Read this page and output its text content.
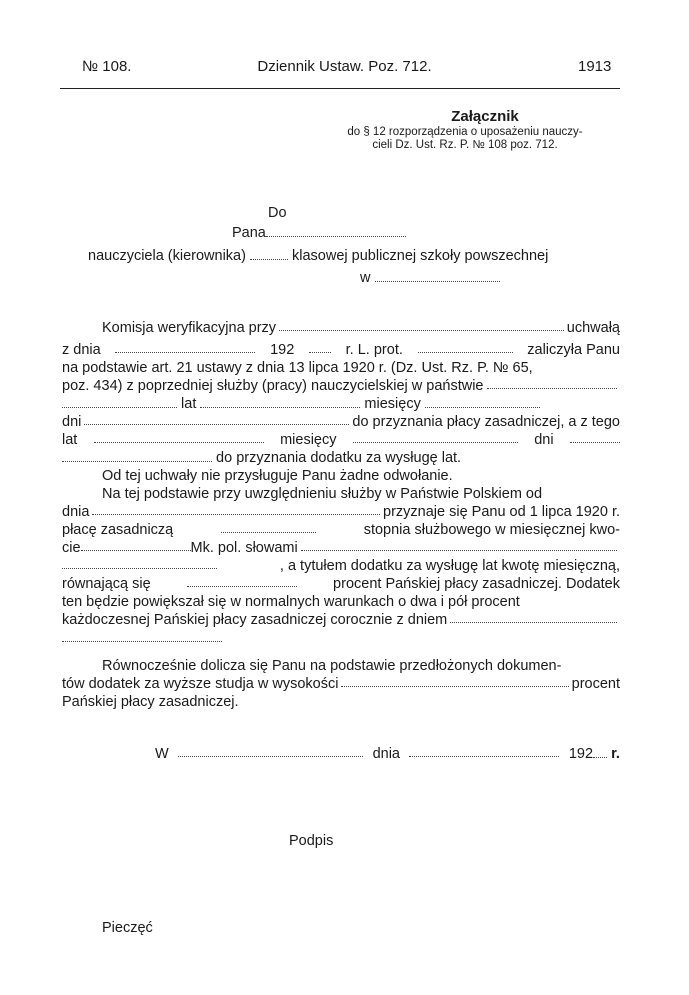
№ 108.	Dziennik Ustaw. Poz. 712.	1913
Załącznik
do § 12 rozporządzenia o uposażeniu nauczy-
cieli Dz. Ust. Rz. P. № 108 poz. 712.
Do
Pana
nauczyciela (kierownika)	klasowej publicznej szkoły powszechnej
w
Komisja weryfikacyjna przy	uchwałą
z dnia	192	r. L. prot.	zaliczyła Panu
na podstawie art. 21 ustawy z dnia 13 lipca 1920 r. (Dz. Ust. Rz. P. № 65,
poz. 434) z poprzedniej służby (pracy) nauczycielskiej w państwie
lat	miesięcy
dni	do przyznania płacy zasadniczej, a z tego
lat	miesięcy	dni
do przyznania dodatku za wysługę lat.
Od tej uchwały nie przysługuje Panu żadne odwołanie.
Na tej podstawie przy uwzględnieniu służby w Państwie Polskiem od
dnia	przyznaje się Panu od 1 lipca 1920 r.
płacę zasadniczą	stopnia służbowego w miesięcznej kwo-
cie	Mk. pol. słowami
, a tytułem dodatku za wysługę lat kwotę miesięczną,
równającą się	procent Pańskiej płacy zasadniczej. Dodatek
ten będzie powiększał się w normalnych warunkach o dwa i pół procent
każdoczesnej Pańskiej płacy zasadniczej corocznie z dniem
Równocześnie dolicza się Panu na podstawie przedłożonych dokumen-
tów dodatek za wyższe studja w wysokości	procent
Pańskiej płacy zasadniczej.
W	dnia	192 r.
Podpis
Pieczęć
